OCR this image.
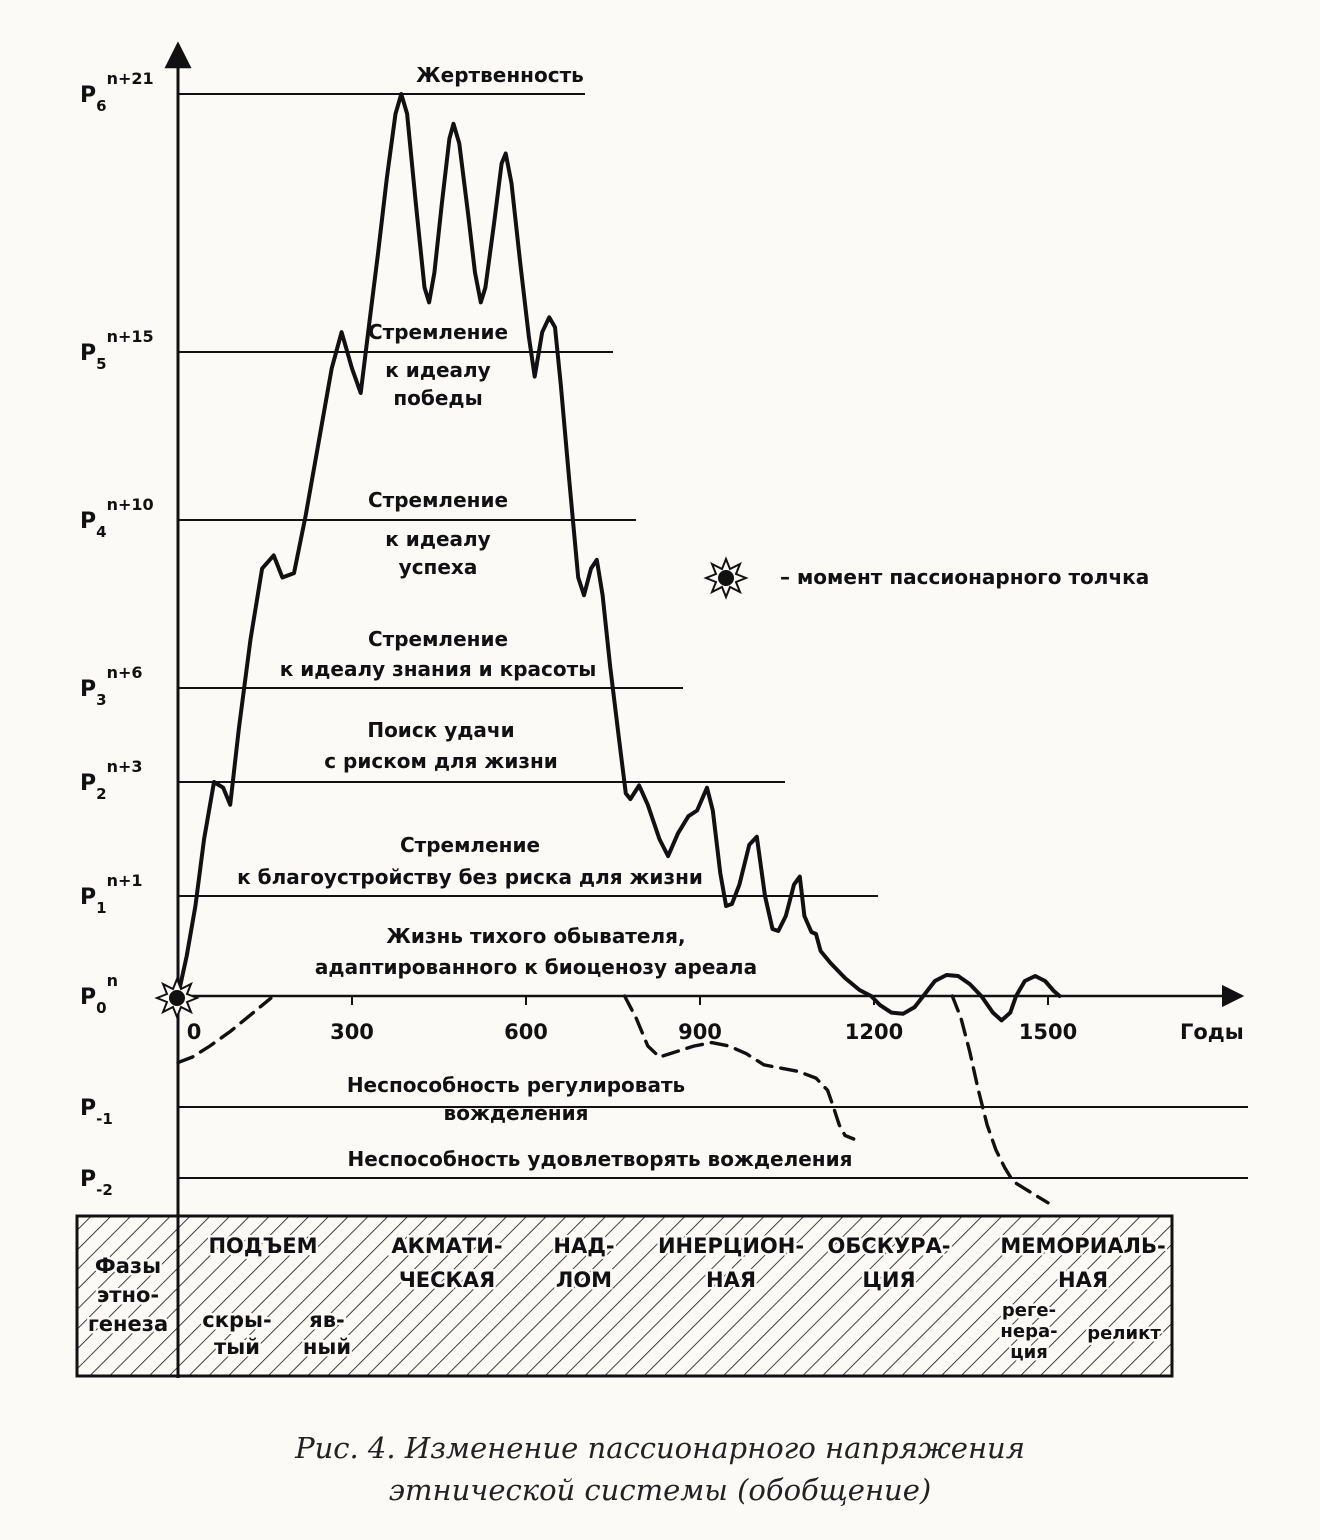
$P_6^{n+21}$
$P_5^{n+15}$
$P_4^{n+10}$
$P_3^{n+6}$
$P_2^{n+3}$
$P_1^{n+1}$
$P_0^n$
$P_{-1}$
$P_{-2}$
Жертвенность
Стремление
к идеалу
победы
Стремление
к идеалу
успеха
Стремление
к идеалу знания и красоты
Поиск удачи
с риском для жизни
Стремление
к благоустройству без риска для жизни
Жизнь тихого обывателя,
адаптированного к биоценозу ареала
Неспособность регулировать
вожделения
Неспособность удовлетворять вожделения
0	300	600	900	1200	1500	Годы
– момент пассионарного толчка
Фазы
этно-
генеза
ПОДЪЕМ	АКМАТИ-
ЧЕСКАЯ
НАД-
ЛОМ
ИНЕРЦИОН-
НАЯ
ОБСКУРА-
ЦИЯ
МЕМОРИАЛЬ-
НАЯ
скры-
тый
яв-
ный
реге-
нера-
ция
реликт
Рис. 4. Изменение пассионарного напряжения
этнической системы (обобщение)
